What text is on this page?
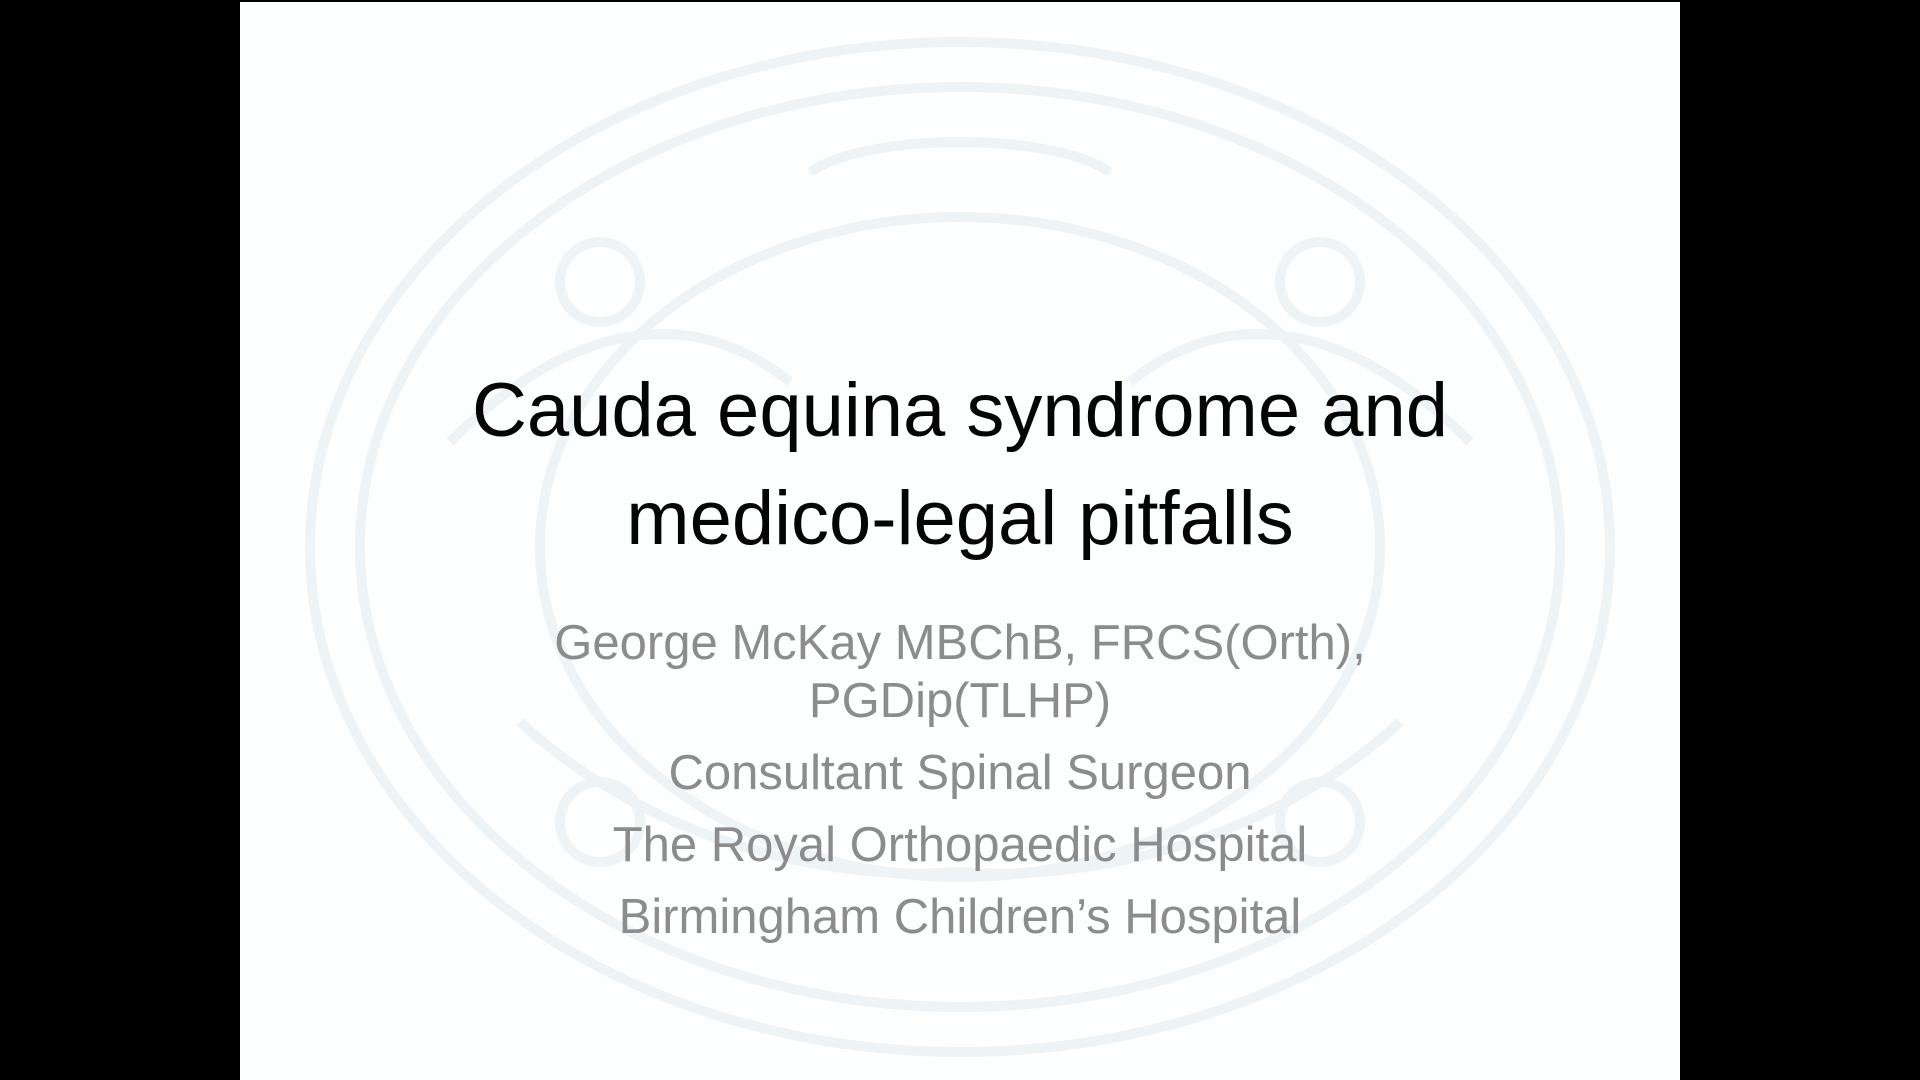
Cauda equina syndrome and
medico-legal pitfalls
George McKay MBChB, FRCS(Orth),
PGDip(TLHP)
Consultant Spinal Surgeon
The Royal Orthopaedic Hospital
Birmingham Children’s Hospital
